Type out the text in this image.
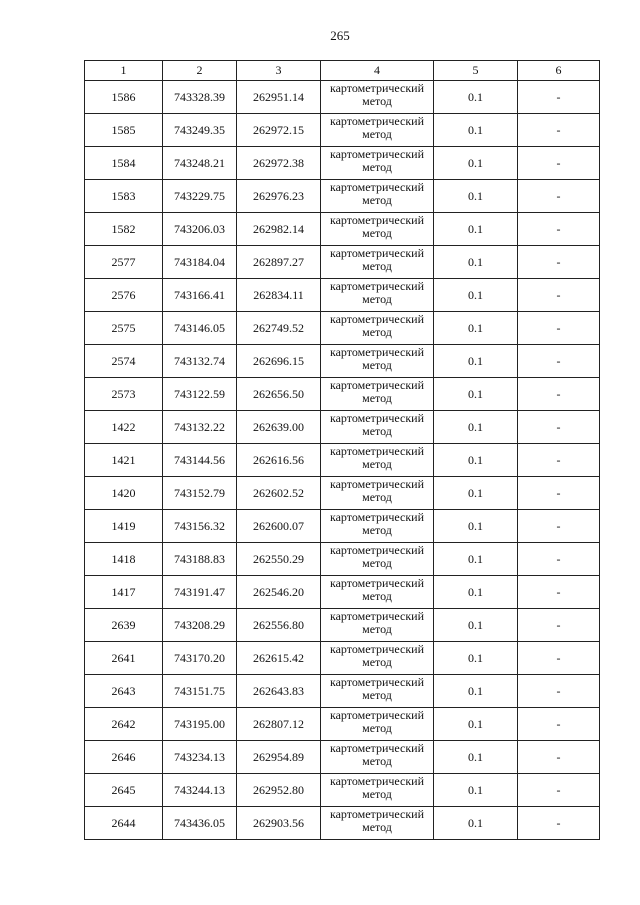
265
1	2	3	4	5	6
1586	743328.39	262951.14	картометрический метод	0.1	-
1585	743249.35	262972.15	картометрический метод	0.1	-
1584	743248.21	262972.38	картометрический метод	0.1	-
1583	743229.75	262976.23	картометрический метод	0.1	-
1582	743206.03	262982.14	картометрический метод	0.1	-
2577	743184.04	262897.27	картометрический метод	0.1	-
2576	743166.41	262834.11	картометрический метод	0.1	-
2575	743146.05	262749.52	картометрический метод	0.1	-
2574	743132.74	262696.15	картометрический метод	0.1	-
2573	743122.59	262656.50	картометрический метод	0.1	-
1422	743132.22	262639.00	картометрический метод	0.1	-
1421	743144.56	262616.56	картометрический метод	0.1	-
1420	743152.79	262602.52	картометрический метод	0.1	-
1419	743156.32	262600.07	картометрический метод	0.1	-
1418	743188.83	262550.29	картометрический метод	0.1	-
1417	743191.47	262546.20	картометрический метод	0.1	-
2639	743208.29	262556.80	картометрический метод	0.1	-
2641	743170.20	262615.42	картометрический метод	0.1	-
2643	743151.75	262643.83	картометрический метод	0.1	-
2642	743195.00	262807.12	картометрический метод	0.1	-
2646	743234.13	262954.89	картометрический метод	0.1	-
2645	743244.13	262952.80	картометрический метод	0.1	-
2644	743436.05	262903.56	картометрический метод	0.1	-
